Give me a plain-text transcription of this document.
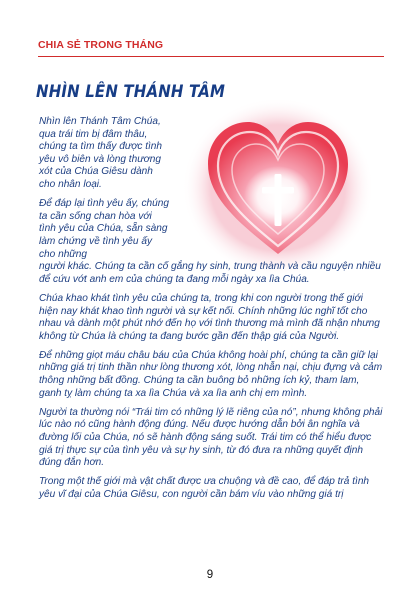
CHIA SẺ TRONG THÁNG
NHÌN LÊN THÁNH TÂM

Nhìn lên Thánh Tâm Chúa, qua trái tim bị đâm thâu, chúng ta tìm thấy được tình yêu vô biên và lòng thương xót của Chúa Giêsu dành cho nhân loại.

Để đáp lại tình yêu ấy, chúng ta cần sống chan hòa với tình yêu của Chúa, sẵn sàng làm chứng về tình yêu ấy cho những

người khác. Chúng ta cần cố gắng hy sinh, trung thành và cầu nguyện nhiều để cứu vớt anh em của chúng ta đang mỗi ngày xa lìa Chúa.

Chúa khao khát tình yêu của chúng ta, trong khi con người trong thế giới hiện nay khát khao tình người và sự kết nối. Chính những lúc nghĩ tốt cho nhau và dành một phút nhớ đến họ với tình thương mà mình đã nhận nhưng không từ Chúa là chúng ta đang bước gần đến thập giá của Người.

Để những giọt máu châu báu của Chúa không hoài phí, chúng ta cần giữ lại những giá trị tinh thần như lòng thương xót, lòng nhẫn nại, chịu đựng và cảm thông những bất đồng. Chúng ta cần buông bỏ những ích kỷ, tham lam, ganh tỵ làm chúng ta xa lìa Chúa và xa lìa anh chị em mình.

Người ta thường nói “Trái tim có những lý lẽ riêng của nó”, nhưng không phải lúc nào nó cũng hành động đúng. Nếu được hướng dẫn bởi ân nghĩa và đường lối của Chúa, nó sẽ hành động sáng suốt. Trái tim có thể hiểu được giá trị thực sự của tình yêu và sự hy sinh, từ đó đưa ra những quyết định đúng đắn hơn.

Trong một thế giới mà vật chất được ưa chuộng và đề cao, để đáp trả tình yêu vĩ đại của Chúa Giêsu, con người cần bám víu vào những giá trị

9
